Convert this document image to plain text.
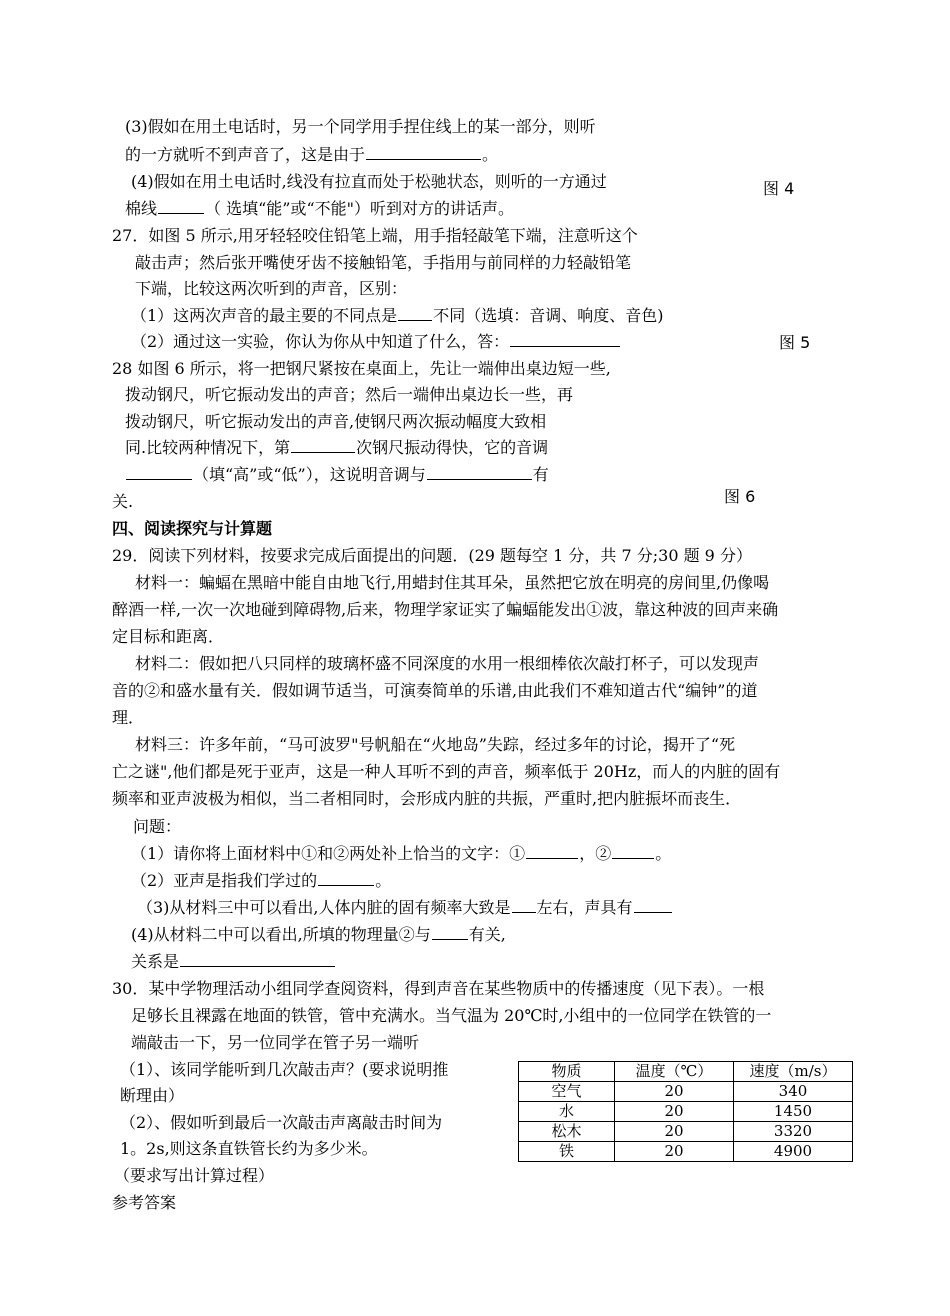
(3)假如在用土电话时，另一个同学用手捏住线上的某一部分，则听
的一方就听不到声音了，这是由于	。
(4)假如在用土电话时,线没有拉直而处于松驰状态，则听的一方通过
棉线	（ 选填“能”或“不能"）听到对方的讲话声。
图 4
27．如图 5 所示,用牙轻轻咬住铅笔上端，用手指轻敲笔下端，注意听这个
敲击声；然后张开嘴使牙齿不接触铅笔，手指用与前同样的力轻敲铅笔
下端，比较这两次听到的声音，区别：
（1）这两次声音的最主要的不同点是 不同（选填：音调、响度、音色)
（2）通过这一实验，你认为你从中知道了什么，答：	图 5
28 如图 6 所示，将一把钢尺紧按在桌面上，先让一端伸出桌边短一些,
拨动钢尺，听它振动发出的声音；然后一端伸出桌边长一些，再
拨动钢尺，听它振动发出的声音,使钢尺两次振动幅度大致相
同.比较两种情况下，第	次钢尺振动得快，它的音调
（填“高”或“低”），这说明音调与	有
关.	图 6
四、阅读探究与计算题
29．阅读下列材料，按要求完成后面提出的问题．(29 题每空 1 分，共 7 分;30 题 9 分）
材料一：蝙蝠在黑暗中能自由地飞行,用蜡封住其耳朵，虽然把它放在明亮的房间里,仍像喝
醉酒一样,一次一次地碰到障碍物,后来，物理学家证实了蝙蝠能发出①波，靠这种波的回声来确
定目标和距离．
材料二：假如把八只同样的玻璃杯盛不同深度的水用一根细棒依次敲打杯子，可以发现声
音的②和盛水量有关．假如调节适当，可演奏简单的乐谱,由此我们不难知道古代“编钟”的道
理．
材料三：许多年前，“马可波罗"号帆船在“火地岛”失踪，经过多年的讨论，揭开了“死
亡之谜",他们都是死于亚声，这是一种人耳听不到的声音，频率低于 20Hz，而人的内脏的固有
频率和亚声波极为相似，当二者相同时，会形成内脏的共振，严重时,把内脏振坏而丧生．
问题：
（1）请你将上面材料中①和②两处补上恰当的文字：①	，②	。
（2）亚声是指我们学过的	。
（3)从材料三中可以看出,人体内脏的固有频率大致是 左右，声具有
(4)从材料二中可以看出,所填的物理量②与 有关,
关系是
30．某中学物理活动小组同学查阅资料，得到声音在某些物质中的传播速度（见下表）。一根
足够长且裸露在地面的铁管，管中充满水。当气温为 20℃时,小组中的一位同学在铁管的一
端敲击一下，另一位同学在管子另一端听
（1）、该同学能听到几次敲击声？(要求说明推
断理由）
（2）、假如听到最后一次敲击声离敲击时间为
1。2s,则这条直铁管长约为多少米。
（要求写出计算过程）
物质	温度（℃）	速度（m/s）
空气	20	340
水	20	1450
松木	20	3320
铁	20	4900
参考答案
